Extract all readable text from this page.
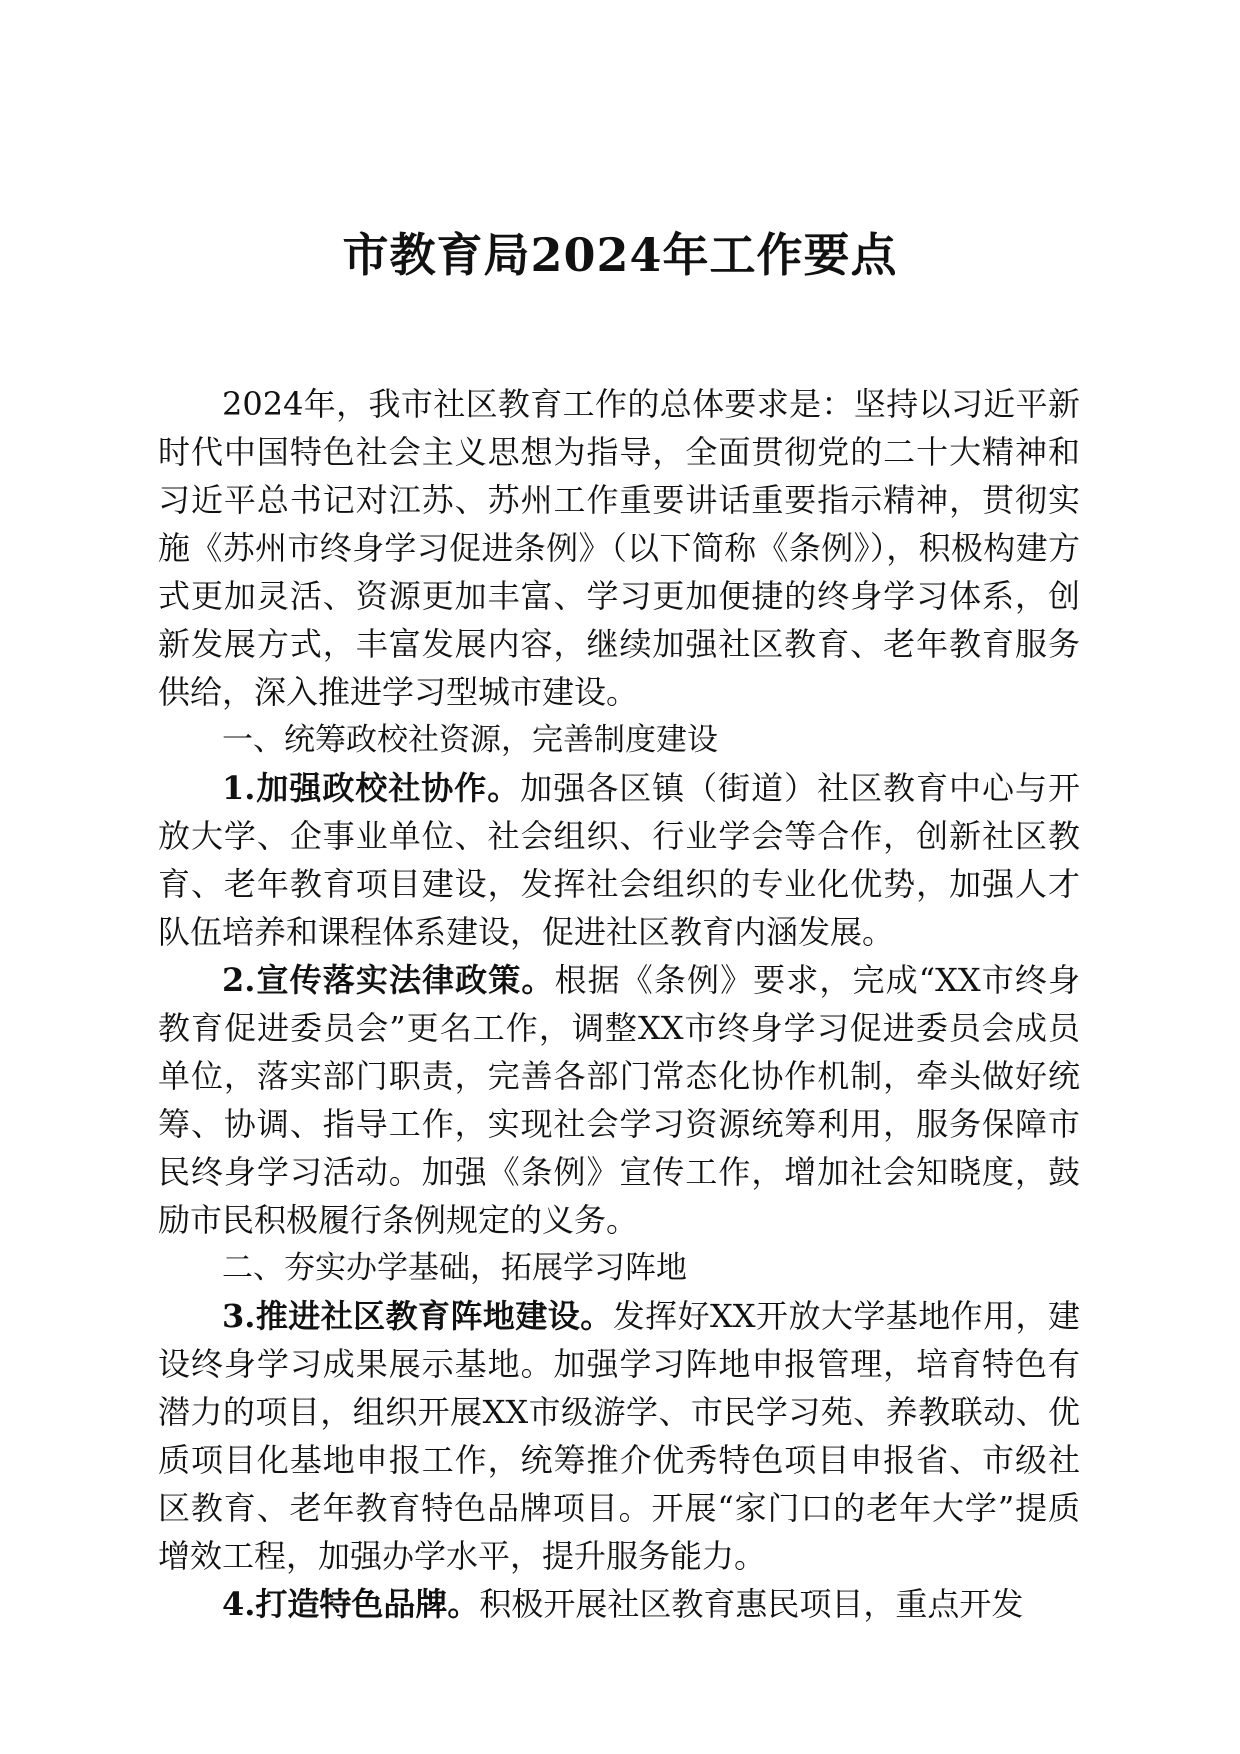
市教育局2024年工作要点

2024年，我市社区教育工作的总体要求是：坚持以习近平新时代中国特色社会主义思想为指导，全面贯彻党的二十大精神和习近平总书记对江苏、苏州工作重要讲话重要指示精神，贯彻实施《苏州市终身学习促进条例》（以下简称《条例》），积极构建方式更加灵活、资源更加丰富、学习更加便捷的终身学习体系，创新发展方式，丰富发展内容，继续加强社区教育、老年教育服务供给，深入推进学习型城市建设。

一、统筹政校社资源，完善制度建设

1.加强政校社协作。加强各区镇（街道）社区教育中心与开放大学、企事业单位、社会组织、行业学会等合作，创新社区教育、老年教育项目建设，发挥社会组织的专业化优势，加强人才队伍培养和课程体系建设，促进社区教育内涵发展。

2.宣传落实法律政策。根据《条例》要求，完成“XX市终身教育促进委员会”更名工作，调整XX市终身学习促进委员会成员单位，落实部门职责，完善各部门常态化协作机制，牵头做好统筹、协调、指导工作，实现社会学习资源统筹利用，服务保障市民终身学习活动。加强《条例》宣传工作，增加社会知晓度，鼓励市民积极履行条例规定的义务。

二、夯实办学基础，拓展学习阵地

3.推进社区教育阵地建设。发挥好XX开放大学基地作用，建设终身学习成果展示基地。加强学习阵地申报管理，培育特色有潜力的项目，组织开展XX市级游学、市民学习苑、养教联动、优质项目化基地申报工作，统筹推介优秀特色项目申报省、市级社区教育、老年教育特色品牌项目。开展“家门口的老年大学”提质增效工程，加强办学水平，提升服务能力。

4.打造特色品牌。积极开展社区教育惠民项目，重点开发
